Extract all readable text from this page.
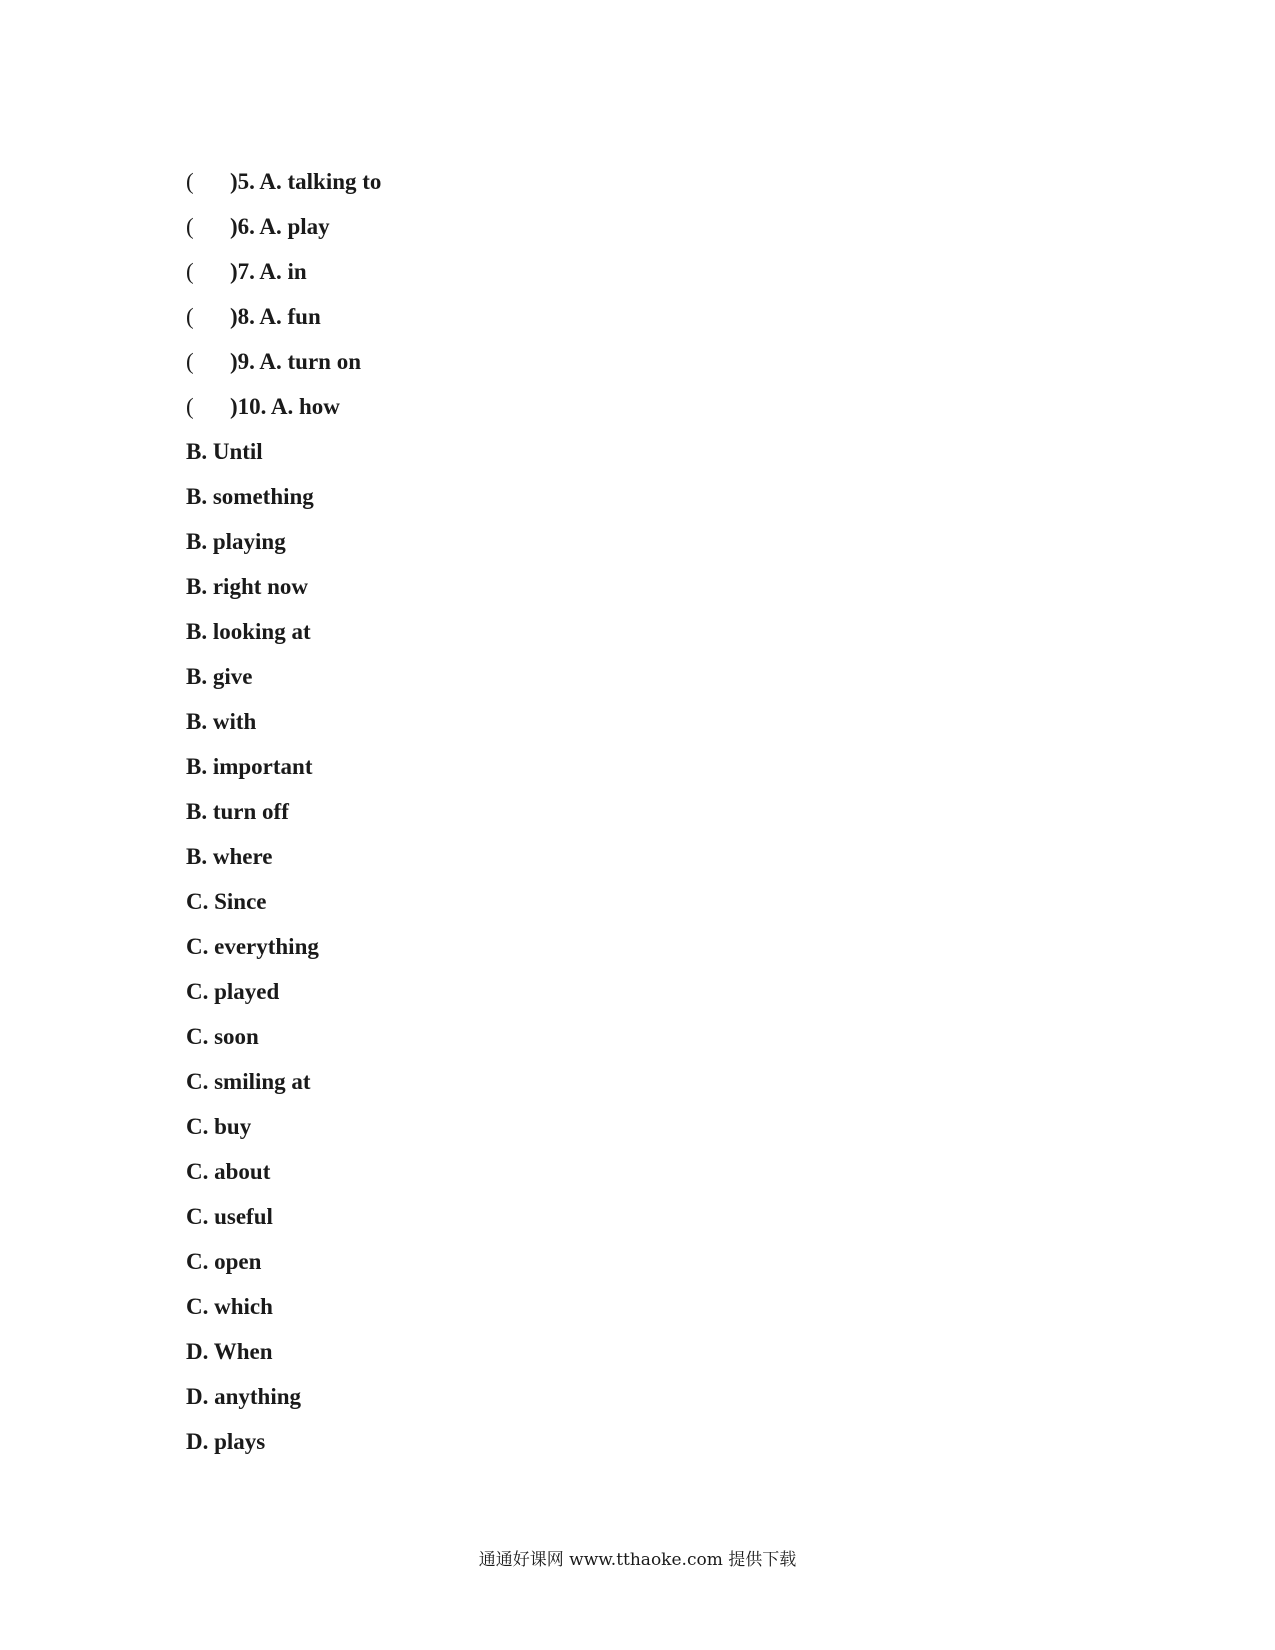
( )5. A. talking to
( )6. A. play
( )7. A. in
( )8. A. fun
( )9. A. turn on
( )10. A. how
B. Until
B. something
B. playing
B. right now
B. looking at
B. give
B. with
B. important
B. turn off
B. where
C. Since
C. everything
C. played
C. soon
C. smiling at
C. buy
C. about
C. useful
C. open
C. which
D. When
D. anything
D. plays
通通好课网 www.tthaoke.com 提供下载
